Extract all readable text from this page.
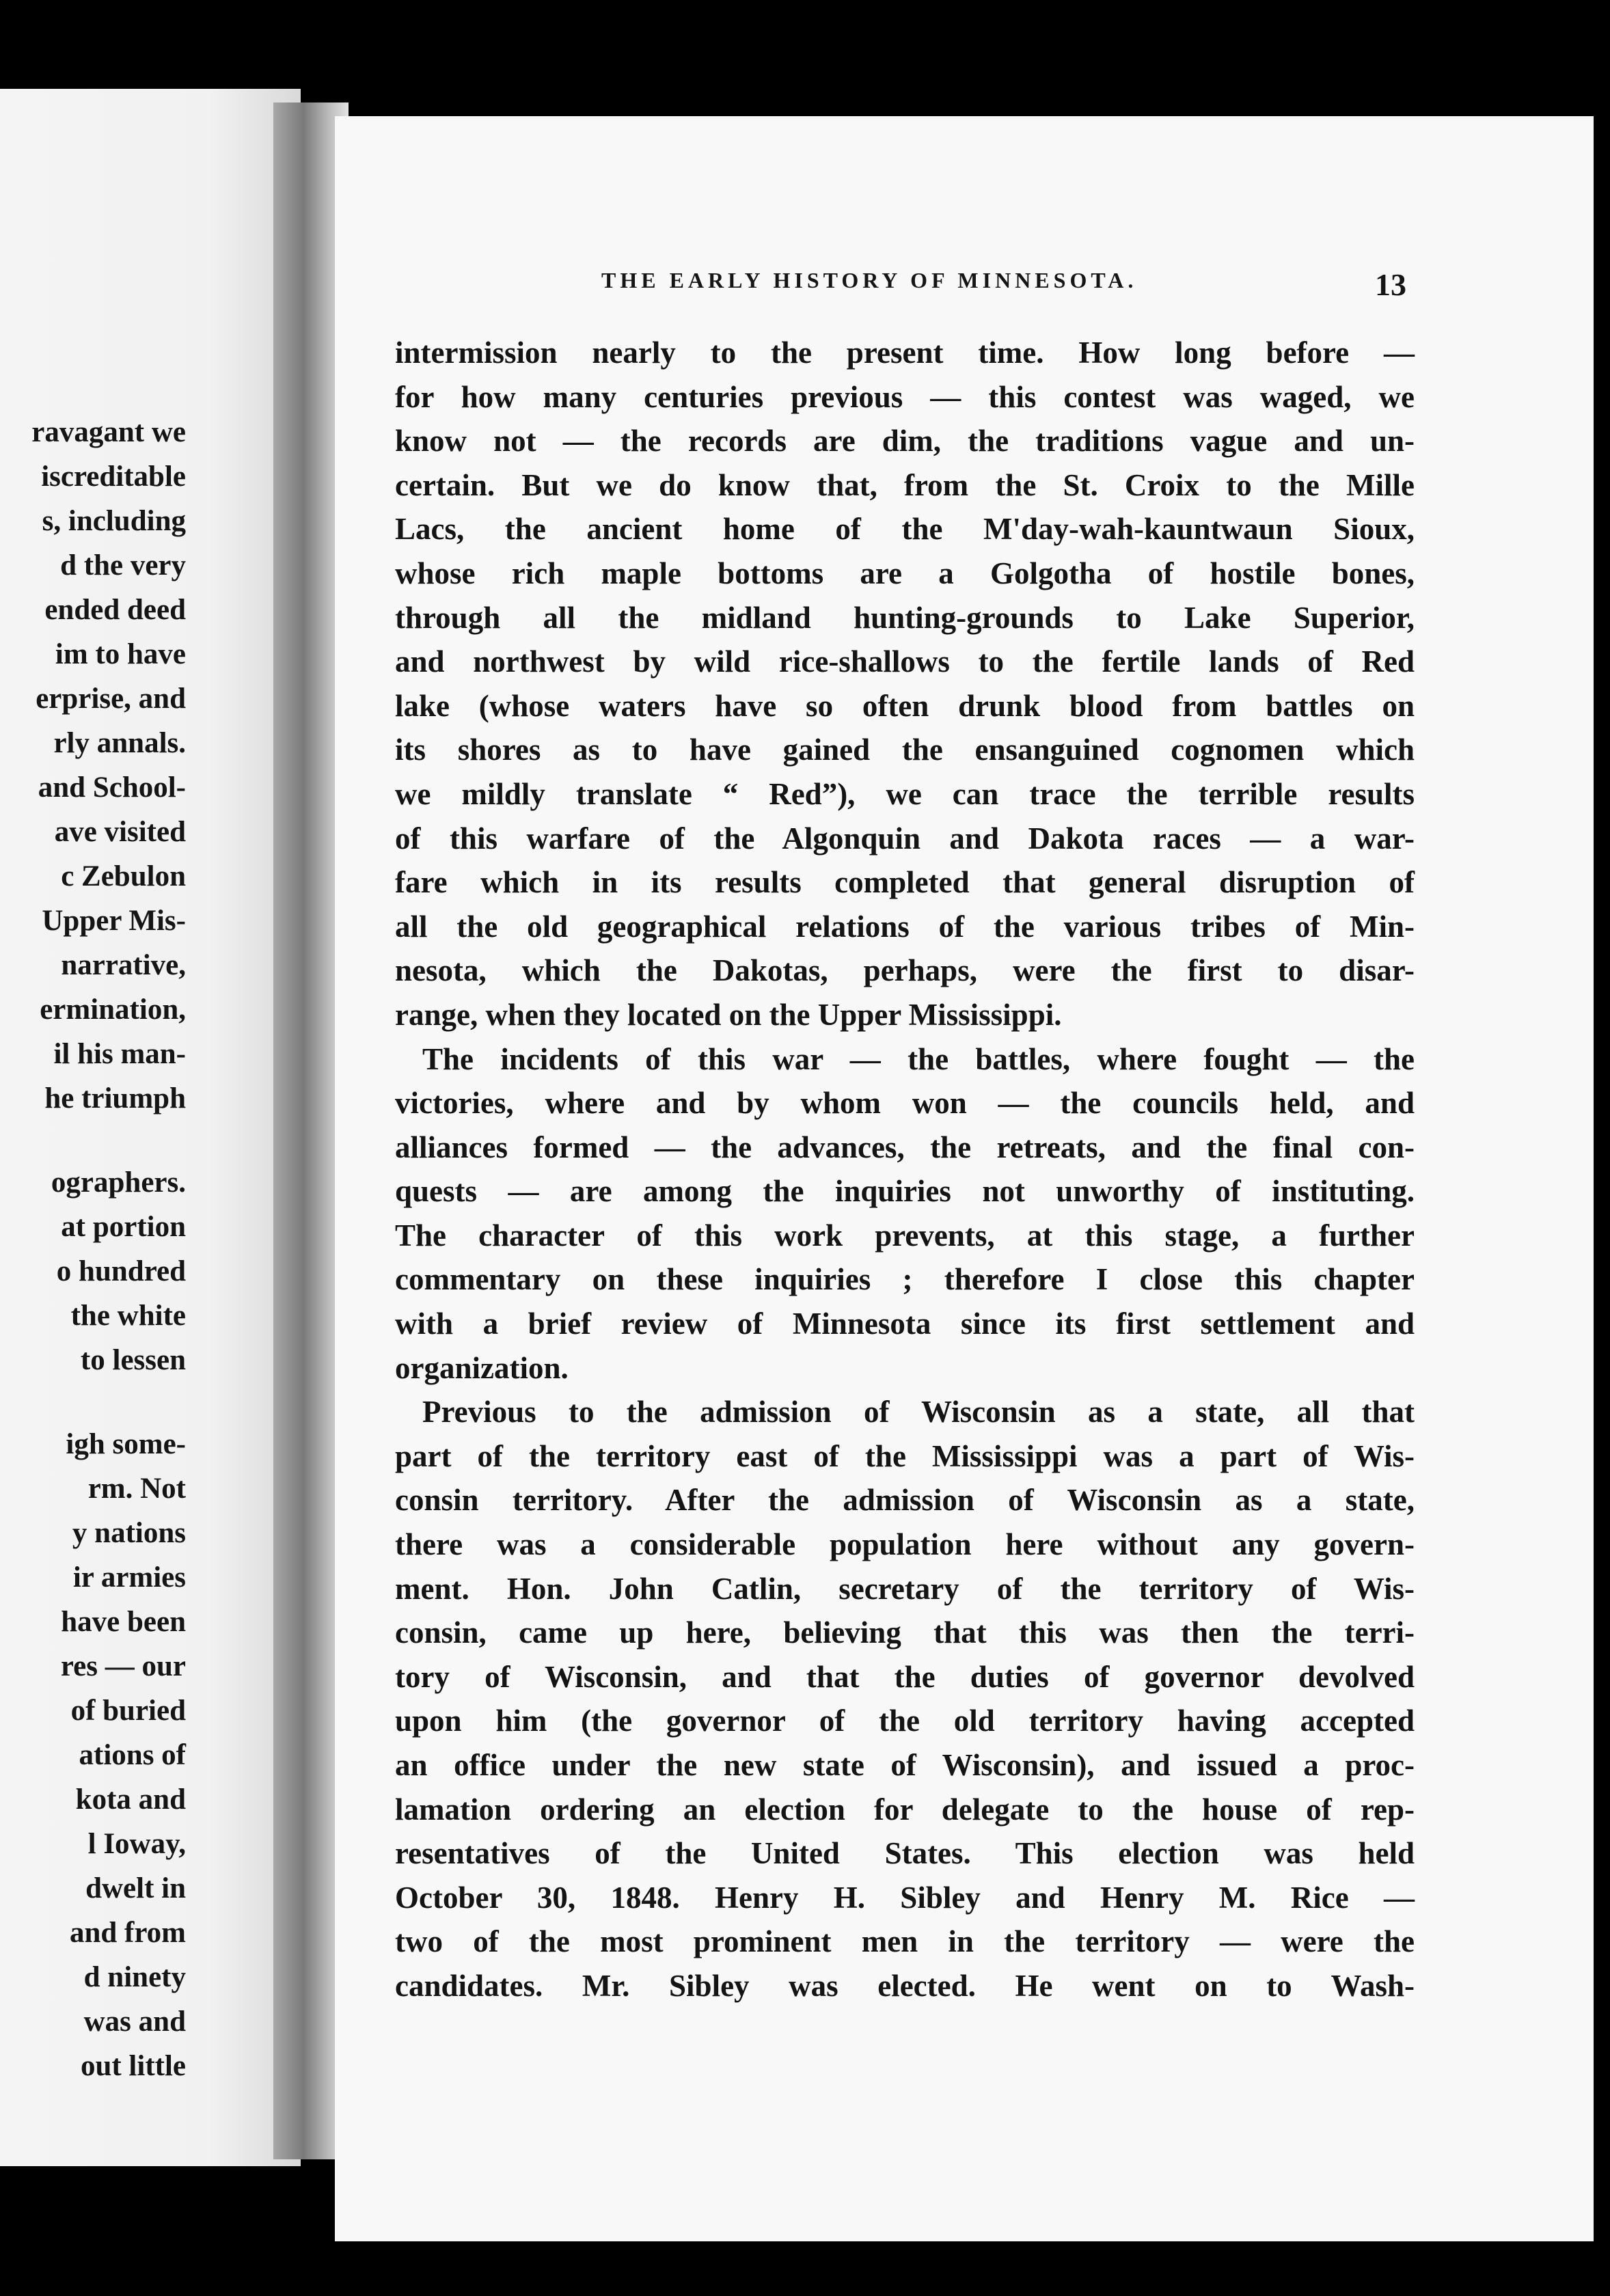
ravagant we
iscreditable
s, including
d the very
ended deed
im to have
erprise, and
rly annals.
and School-
ave visited
c Zebulon
Upper Mis-
narrative,
ermination,
il his man-
he triumph
ographers.
at portion
o hundred
the white
to lessen
igh some-
rm. Not
y nations
ir armies
have been
res — our
of buried
ations of
kota and
l Ioway,
dwelt in
and from
d ninety
was and
out little
THE EARLY HISTORY OF MINNESOTA.	13
intermission nearly to the present time. How long before —
for how many centuries previous — this contest was waged, we
know not — the records are dim, the traditions vague and un-
certain. But we do know that, from the St. Croix to the Mille
Lacs, the ancient home of the M'day-wah-kauntwaun Sioux,
whose rich maple bottoms are a Golgotha of hostile bones,
through all the midland hunting-grounds to Lake Superior,
and northwest by wild rice-shallows to the fertile lands of Red
lake (whose waters have so often drunk blood from battles on
its shores as to have gained the ensanguined cognomen which
we mildly translate “ Red”), we can trace the terrible results
of this warfare of the Algonquin and Dakota races — a war-
fare which in its results completed that general disruption of
all the old geographical relations of the various tribes of Min-
nesota, which the Dakotas, perhaps, were the first to disar-
range, when they located on the Upper Mississippi.
The incidents of this war — the battles, where fought — the
victories, where and by whom won — the councils held, and
alliances formed — the advances, the retreats, and the final con-
quests — are among the inquiries not unworthy of instituting.
The character of this work prevents, at this stage, a further
commentary on these inquiries ; therefore I close this chapter
with a brief review of Minnesota since its first settlement and
organization.
Previous to the admission of Wisconsin as a state, all that
part of the territory east of the Mississippi was a part of Wis-
consin territory. After the admission of Wisconsin as a state,
there was a considerable population here without any govern-
ment. Hon. John Catlin, secretary of the territory of Wis-
consin, came up here, believing that this was then the terri-
tory of Wisconsin, and that the duties of governor devolved
upon him (the governor of the old territory having accepted
an office under the new state of Wisconsin), and issued a proc-
lamation ordering an election for delegate to the house of rep-
resentatives of the United States. This election was held
October 30, 1848. Henry H. Sibley and Henry M. Rice —
two of the most prominent men in the territory — were the
candidates. Mr. Sibley was elected. He went on to Wash-
